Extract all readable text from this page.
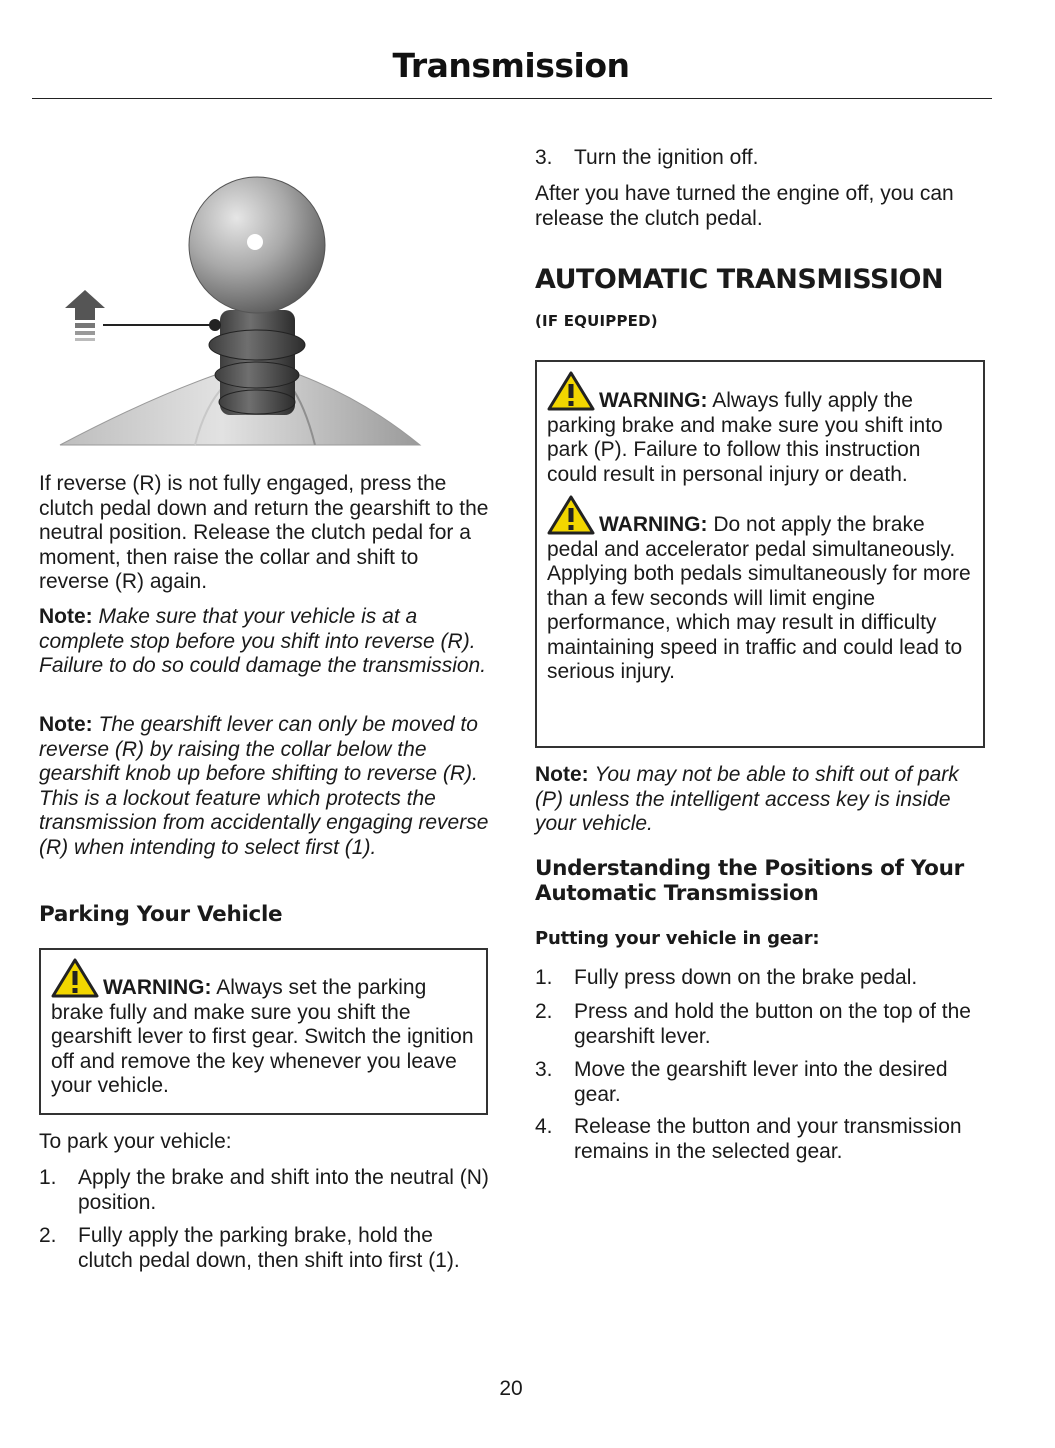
Transmission

If reverse (R) is not fully engaged, press the clutch pedal down and return the gearshift to the neutral position. Release the clutch pedal for a moment, then raise the collar and shift to reverse (R) again.

Note: Make sure that your vehicle is at a complete stop before you shift into reverse (R). Failure to do so could damage the transmission.

Note: The gearshift lever can only be moved to reverse (R) by raising the collar below the gearshift knob up before shifting to reverse (R). This is a lockout feature which protects the transmission from accidentally engaging reverse (R) when intending to select first (1).

Parking Your Vehicle
WARNING: Always set the parking brake fully and make sure you shift the gearshift lever to first gear. Switch the ignition off and remove the key whenever you leave your vehicle.

To park your vehicle:

1.	Apply the brake and shift into the neutral (N) position.
2.	Fully apply the parking brake, hold the clutch pedal down, then shift into first (1).
3.	Turn the ignition off.

After you have turned the engine off, you can release the clutch pedal.

AUTOMATIC TRANSMISSION
(IF EQUIPPED)
WARNING: Always fully apply the parking brake and make sure you shift into park (P). Failure to follow this instruction could result in personal injury or death.
WARNING: Do not apply the brake pedal and accelerator pedal simultaneously. Applying both pedals simultaneously for more than a few seconds will limit engine performance, which may result in difficulty maintaining speed in traffic and could lead to serious injury.

Note: You may not be able to shift out of park (P) unless the intelligent access key is inside your vehicle.

Understanding the Positions of Your Automatic Transmission
Putting your vehicle in gear:
1.	Fully press down on the brake pedal.
2.	Press and hold the button on the top of the gearshift lever.
3.	Move the gearshift lever into the desired gear.
4.	Release the button and your transmission remains in the selected gear.
20
